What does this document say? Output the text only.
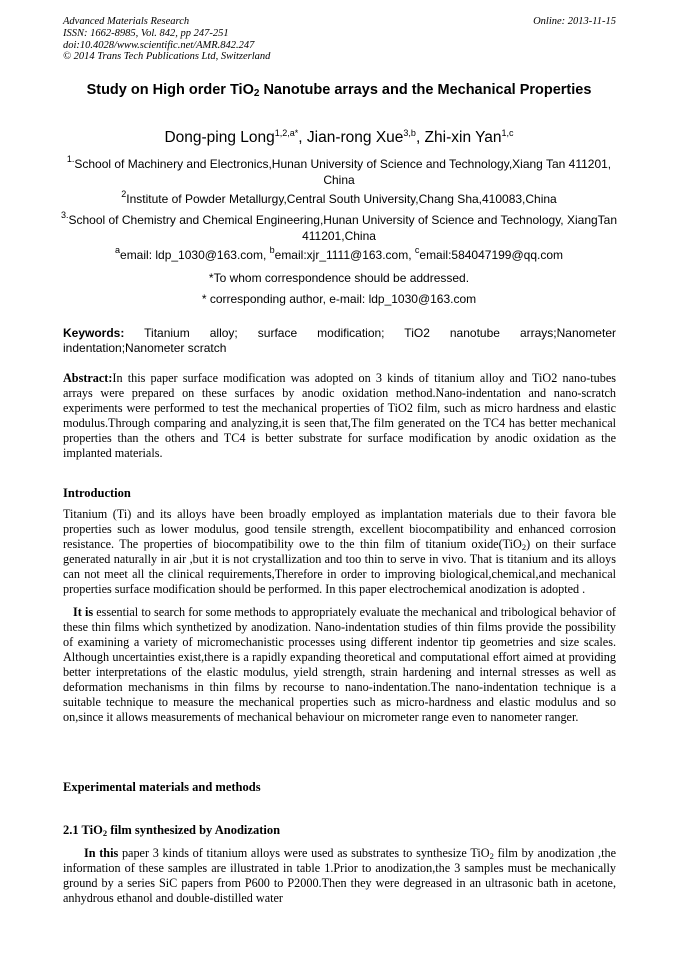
Advanced Materials Research
ISSN: 1662-8985, Vol. 842, pp 247-251
doi:10.4028/www.scientific.net/AMR.842.247
© 2014 Trans Tech Publications Ltd, Switzerland
Online: 2013-11-15
Study on High order TiO$_2$ Nanotube arrays and the Mechanical Properties
Dong-ping Long$^{1,2,a*}$, Jian-rong Xue$^{3,b}$, Zhi-xin Yan$^{1,c}$
$^{1.}$School of Machinery and Electronics,Hunan University of Science and Technology,Xiang Tan 411201, China
$^2$Institute of Powder Metallurgy,Central South University,Chang Sha,410083,China
$^{3.}$School of Chemistry and Chemical Engineering,Hunan University of Science and Technology, XiangTan 411201,China
$^a$email: ldp_1030@163.com, $^b$email:xjr_1111@163.com, $^c$email:584047199@qq.com
*To whom correspondence should be addressed.
* corresponding author, e-mail: ldp_1030@163.com
Keywords: Titanium alloy; surface modification; TiO2 nanotube arrays;Nanometer indentation;Nanometer scratch
Abstract:In this paper surface modification was adopted on 3 kinds of titanium alloy and TiO2 nano-tubes arrays were prepared on these surfaces by anodic oxidation method.Nano-indentation and nano-scratch experiments were performed to test the mechanical properties of TiO2 film, such as micro hardness and elastic modulus.Through comparing and analyzing,it is seen that,The film generated on the TC4 has better mechanical properties than the others and TC4 is better substrate for surface modification by anodic oxidation as the implanted materials.
Introduction
Titanium (Ti) and its alloys have been broadly employed as implantation materials due to their favora ble properties such as lower modulus, good tensile strength, excellent biocompatibility and enhanced corrosion resistance. The properties of biocompatibility owe to the thin film of titanium oxide(TiO2) on their surface generated naturally in air ,but it is not crystallization and too thin to serve in vivo. That is titanium and its alloys can not meet all the clinical requirements,Therefore in order to improving biological,chemical,and mechanical properties surface modification should be performed. In this paper electrochemical anodization is adopted .
It is essential to search for some methods to appropriately evaluate the mechanical and tribological behavior of these thin films which synthetized by anodization. Nano-indentation studies of thin films provide the possibility of examining a variety of micromechanistic processes using different indentor tip geometries and size scales. Although uncertainties exist,there is a rapidly expanding theoretical and computational effort aimed at providing better interpretations of the elastic modulus, yield strength, strain hardening and internal stresses as well as deformation mechanisms in thin films by recourse to nano-indentation.The nano-indentation technique is a suitable technique to measure the mechanical properties such as micro-hardness and elastic modulus and so on,since it allows measurements of mechanical behaviour on micrometer range even to nanometer ranger.
Experimental materials and methods
2.1 TiO2 film synthesized by Anodization
In this paper 3 kinds of titanium alloys were used as substrates to synthesize TiO2 film by anodization ,the information of these samples are illustrated in table 1.Prior to anodization,the 3 samples must be mechanically ground by a series SiC papers from P600 to P2000.Then they were degreased in an ultrasonic bath in acetone, anhydrous ethanol and double-distilled water
